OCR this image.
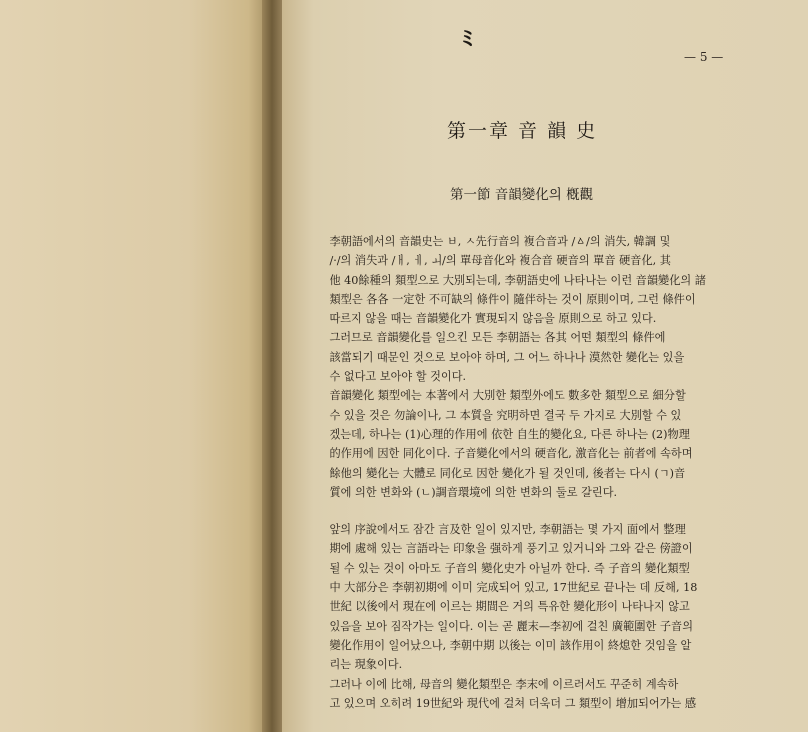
ﾐ
— 5 —
第一章 音 韻 史
第一節 音韻變化의 槪觀

李朝語에서의 音韻史는 ㅂ, ㅅ先行音의 複合音과 /ㅿ/의 消失, 韓調 및
/·/의 消失과 /ㅐ, ㅔ, ㅚ/의 單母音化와 複合音 硬音의 單音 硬音化, 其
他 40餘種의 類型으로 大別되는데, 李朝語史에 나타나는 이런 音韻變化의 諸
類型은 各各 一定한 不可缺의 條件이 隨伴하는 것이 原則이며, 그런 條件이
따르지 않을 때는 音韻變化가 實現되지 않음을 原則으로 하고 있다.

그러므로 音韻變化를 일으킨 모든 李朝語는 各其 어떤 類型의 條件에
該當되기 때문인 것으로 보아야 하며, 그 어느 하나나 漠然한 變化는 있을
수 없다고 보아야 할 것이다.

音韻變化 類型에는 本著에서 大別한 類型外에도 數多한 類型으로 細分할
수 있을 것은 勿論이나, 그 本質을 究明하면 결국 두 가지로 大別할 수 있
겠는데, 하나는 (1)心理的作用에 依한 自生的變化요, 다른 하나는 (2)物理
的作用에 因한 同化이다. 子音變化에서의 硬音化, 激音化는 前者에 속하며
餘他의 變化는 大體로 同化로 因한 變化가 될 것인데, 後者는 다시 (ㄱ)音
質에 의한 변화와 (ㄴ)調音環境에 의한 변화의 둘로 갈린다.

앞의 序說에서도 잠간 言及한 일이 있지만, 李朝語는 몇 가지 面에서 整理
期에 處해 있는 言語라는 印象을 强하게 풍기고 있거니와 그와 같은 傍證이
될 수 있는 것이 아마도 子音의 變化史가 아닐까 한다. 즉 子音의 變化類型
中 大部分은 李朝初期에 이미 完成되어 있고, 17世紀로 끝나는 데 反해, 18
世紀 以後에서 現在에 이르는 期間은 거의 특유한 變化形이 나타나지 않고
있음을 보아 짐작가는 일이다. 이는 곧 麗末—李初에 걸친 廣範圍한 子音의
變化作用이 일어났으나, 李朝中期 以後는 이미 該作用이 終熄한 것임을 알
리는 現象이다.

그러나 이에 比해, 母音의 變化類型은 李末에 이르러서도 꾸준히 계속하
고 있으며 오히려 19世紀와 現代에 걸쳐 더욱더 그 類型이 增加되어가는 感
